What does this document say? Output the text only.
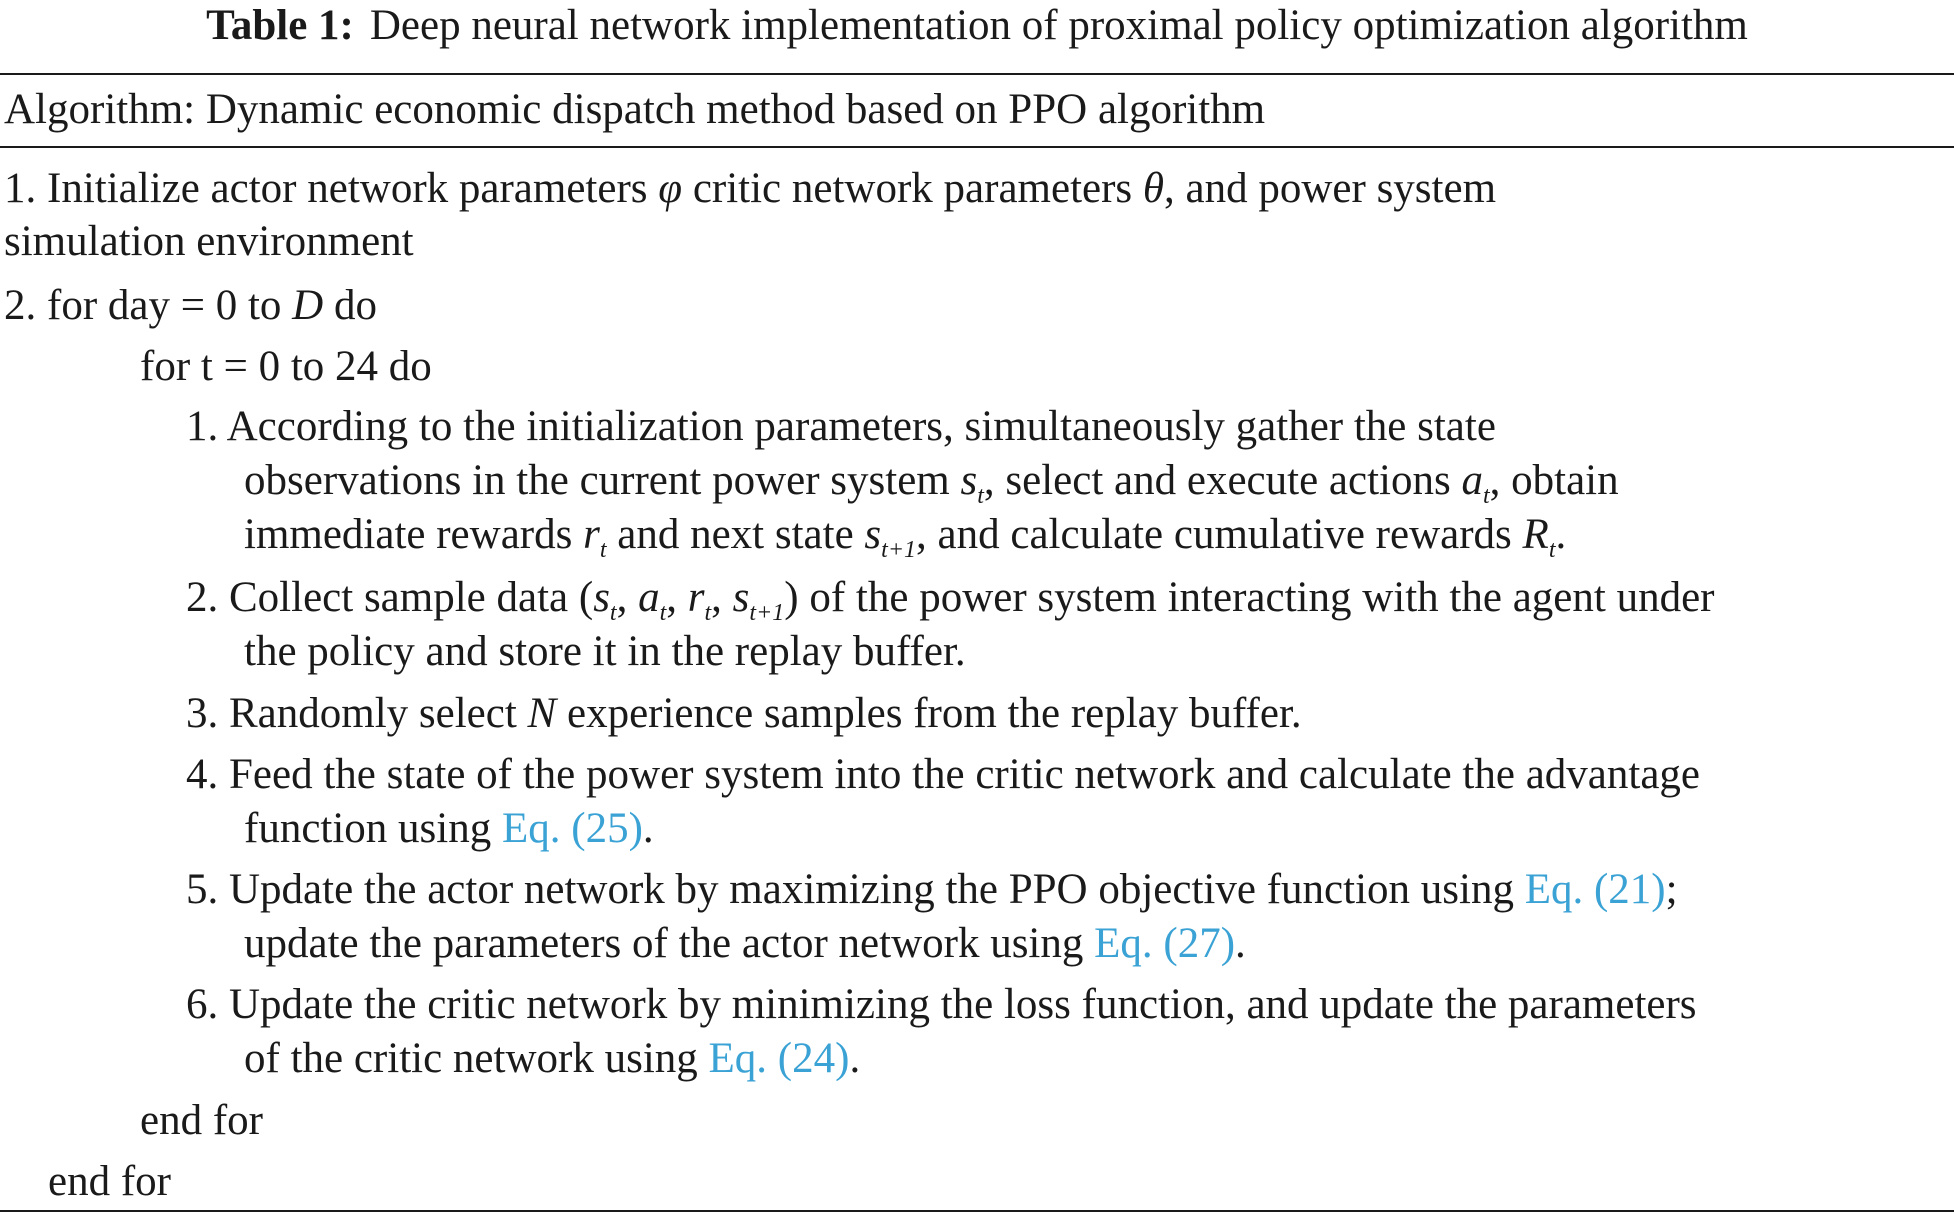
Table 1: Deep neural network implementation of proximal policy optimization algorithm
Algorithm: Dynamic economic dispatch method based on PPO algorithm
1. Initialize actor network parameters φ critic network parameters θ, and power system
simulation environment
2. for day = 0 to D do
for t = 0 to 24 do
1. According to the initialization parameters, simultaneously gather the state
observations in the current power system $s_t$, select and execute actions $a_t$, obtain
immediate rewards $r_t$ and next state $s_{t+1}$, and calculate cumulative rewards $R_t$.
2. Collect sample data ($s_t$, $a_t$, $r_t$, $s_{t+1}$) of the power system interacting with the agent under
the policy and store it in the replay buffer.
3. Randomly select N experience samples from the replay buffer.
4. Feed the state of the power system into the critic network and calculate the advantage
function using Eq. (25).
5. Update the actor network by maximizing the PPO objective function using Eq. (21);
update the parameters of the actor network using Eq. (27).
6. Update the critic network by minimizing the loss function, and update the parameters
of the critic network using Eq. (24).
end for
end for
